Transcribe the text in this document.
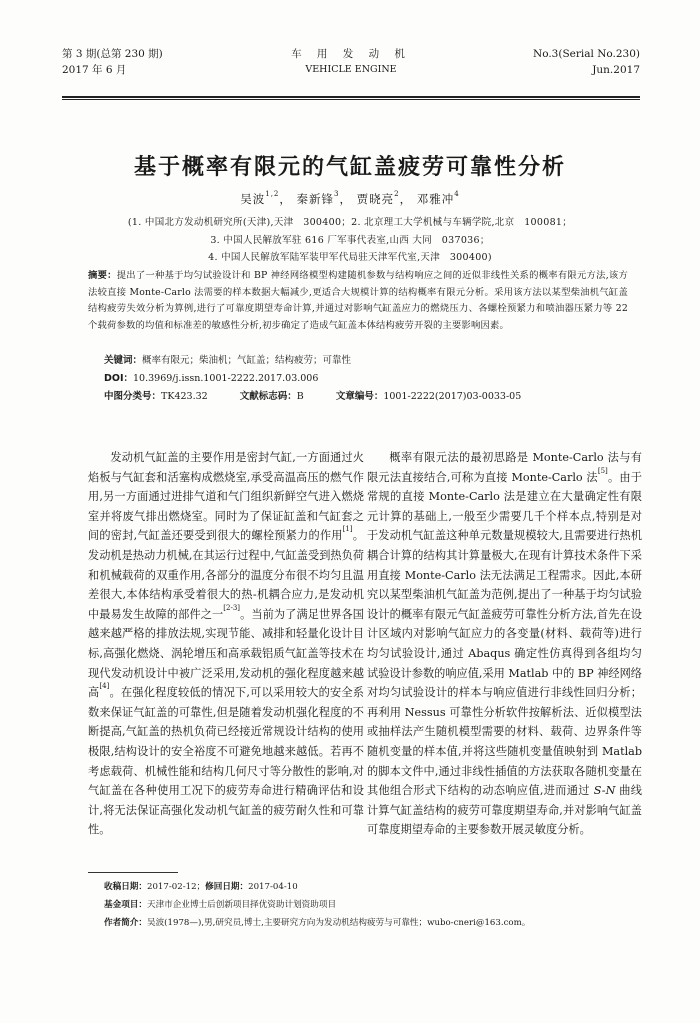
第 3 期(总第 230 期)
2017 年 6 月
车 用 发 动 机
VEHICLE ENGINE
No.3(Serial No.230)
Jun.2017
基于概率有限元的气缸盖疲劳可靠性分析
吴波$^{1,2}$， 秦新锋$^3$， 贾晓亮$^2$， 邓雅冲$^4$
(1. 中国北方发动机研究所(天津),天津　300400；2. 北京理工大学机械与车辆学院,北京　100081；
3. 中国人民解放军驻 616 厂军事代表室,山西 大同　037036；
4. 中国人民解放军陆军装甲军代局驻天津军代室,天津　300400)
摘要：提出了一种基于均匀试验设计和 BP 神经网络模型构建随机参数与结构响应之间的近似非线性关系的概率有限元方法,该方法较直接 Monte-Carlo 法需要的样本数据大幅减少,更适合大规模计算的结构概率有限元分析。采用该方法以某型柴油机气缸盖结构疲劳失效分析为算例,进行了可靠度期望寿命计算,并通过对影响气缸盖应力的燃烧压力、各螺栓预紧力和喷油器压紧力等 22 个载荷参数的均值和标准差的敏感性分析,初步确定了造成气缸盖本体结构疲劳开裂的主要影响因素。
关键词：概率有限元；柴油机；气缸盖；结构疲劳；可靠性
DOI：10.3969/j.issn.1001-2222.2017.03.006
中图分类号：TK423.32	文献标志码：B	文章编号：1001-2222(2017)03-0033-05

发动机气缸盖的主要作用是密封气缸,一方面通过火焰板与气缸套和活塞构成燃烧室,承受高温高压的燃气作用,另一方面通过进排气道和气门组织新鲜空气进入燃烧室并将废气排出燃烧室。同时为了保证缸盖和气缸套之间的密封,气缸盖还要受到很大的螺栓预紧力的作用[1]。发动机是热动力机械,在其运行过程中,气缸盖受到热负荷和机械载荷的双重作用,各部分的温度分布很不均匀且温差很大,本体结构承受着很大的热-机耦合应力,是发动机中最易发生故障的部件之一[2-3]。当前为了满足世界各国越来越严格的排放法规,实现节能、减排和轻量化设计目标,高强化燃烧、涡轮增压和高承载铝质气缸盖等技术在现代发动机设计中被广泛采用,发动机的强化程度越来越高[4]。在强化程度较低的情况下,可以采用较大的安全系数来保证气缸盖的可靠性,但是随着发动机强化程度的不断提高,气缸盖的热机负荷已经接近常规设计结构的使用极限,结构设计的安全裕度不可避免地越来越低。若再不考虑载荷、机械性能和结构几何尺寸等分散性的影响,对气缸盖在各种使用工况下的疲劳寿命进行精确评估和设计,将无法保证高强化发动机气缸盖的疲劳耐久性和可靠性。

概率有限元法的最初思路是 Monte-Carlo 法与有限元法直接结合,可称为直接 Monte-Carlo 法[5]。由于常规的直接 Monte-Carlo 法是建立在大量确定性有限元计算的基础上,一般至少需要几千个样本点,特别是对于发动机气缸盖这种单元数量规模较大,且需要进行热机耦合计算的结构其计算量极大,在现有计算技术条件下采用直接 Monte-Carlo 法无法满足工程需求。因此,本研究以某型柴油机气缸盖为范例,提出了一种基于均匀试验设计的概率有限元气缸盖疲劳可靠性分析方法,首先在设计区域内对影响气缸应力的各变量(材料、载荷等)进行均匀试验设计,通过 Abaqus 确定性仿真得到各组均匀试验设计参数的响应值,采用 Matlab 中的 BP 神经网络对均匀试验设计的样本与响应值进行非线性回归分析；再利用 Nessus 可靠性分析软件按解析法、近似模型法或抽样法产生随机模型需要的材料、载荷、边界条件等随机变量的样本值,并将这些随机变量值映射到 Matlab 的脚本文件中,通过非线性插值的方法获取各随机变量在其他组合形式下结构的动态响应值,进而通过 S-N 曲线计算气缸盖结构的疲劳可靠度期望寿命,并对影响气缸盖可靠度期望寿命的主要参数开展灵敏度分析。

收稿日期：2017-02-12；修回日期：2017-04-10
基金项目：天津市企业博士后创新项目择优资助计划资助项目
作者简介：吴波(1978—),男,研究员,博士,主要研究方向为发动机结构疲劳与可靠性；wubo-cneri@163.com。
